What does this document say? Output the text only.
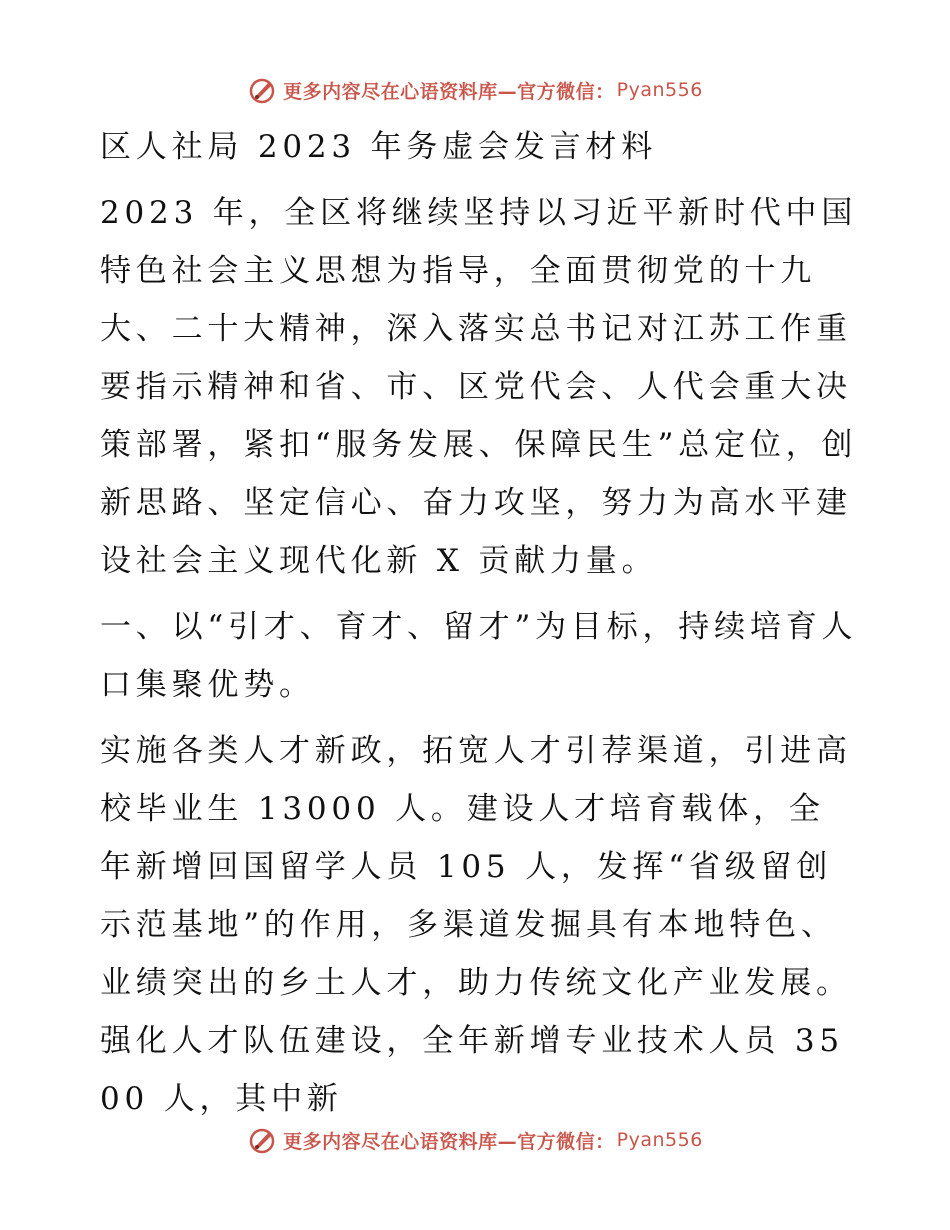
更多内容尽在心语资料库—官方微信： Pyan556

区人社局 2023 年务虚会发言材料

2023 年，全区将继续坚持以习近平新时代中国特色社会主义思想为指导，全面贯彻党的十九大、二十大精神，深入落实总书记对江苏工作重要指示精神和省、市、区党代会、人代会重大决策部署，紧扣“服务发展、保障民生”总定位，创新思路、坚定信心、奋力攻坚，努力为高水平建设社会主义现代化新 X 贡献力量。

一、以“引才、育才、留才”为目标，持续培育人口集聚优势。

实施各类人才新政，拓宽人才引荐渠道，引进高校毕业生 13000 人。建设人才培育载体，全年新增回国留学人员 105 人，发挥“省级留创示范基地”的作用，多渠道发掘具有本地特色、业绩突出的乡土人才，助力传统文化产业发展。强化人才队伍建设，全年新增专业技术人员 3500 人，其中新

更多内容尽在心语资料库—官方微信： Pyan556
